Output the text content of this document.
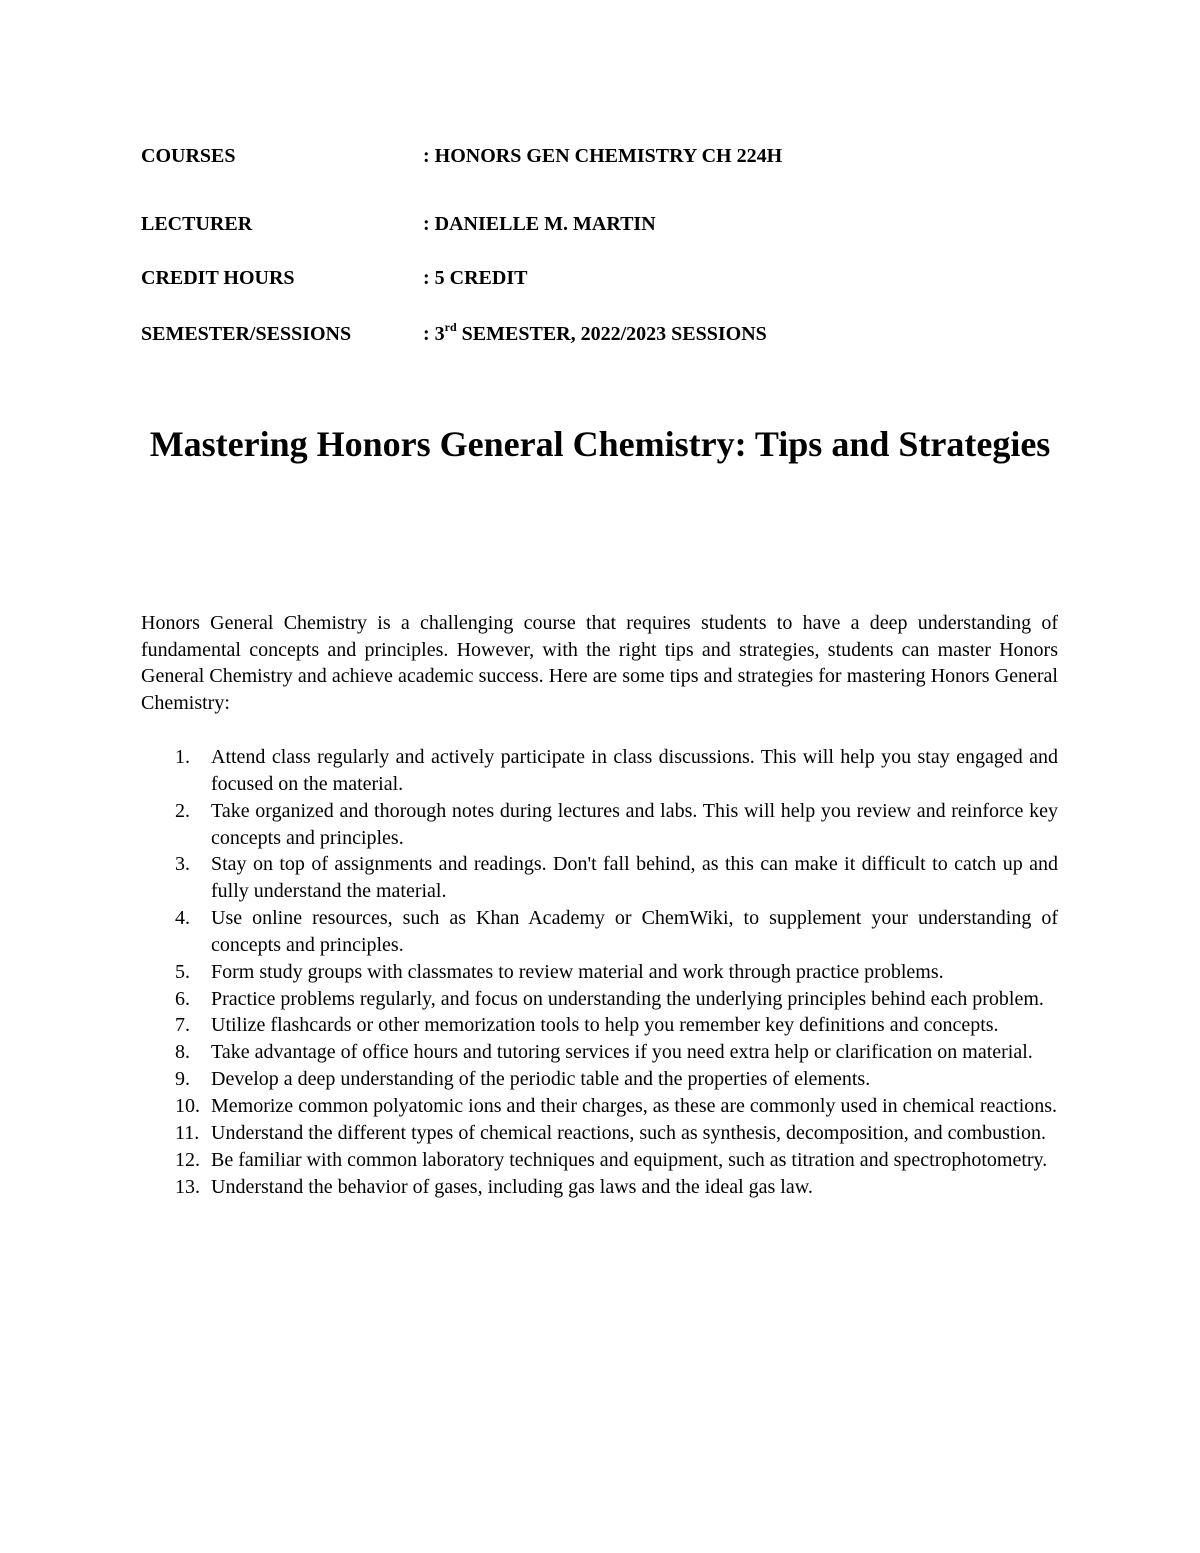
COURSES	: HONORS GEN CHEMISTRY CH 224H
LECTURER	: DANIELLE M. MARTIN
CREDIT HOURS	: 5 CREDIT
SEMESTER/SESSIONS	: 3rd SEMESTER, 2022/2023 SESSIONS
Mastering Honors General Chemistry: Tips and Strategies

Honors General Chemistry is a challenging course that requires students to have a deep understanding of fundamental concepts and principles. However, with the right tips and strategies, students can master Honors General Chemistry and achieve academic success. Here are some tips and strategies for mastering Honors General Chemistry:

1. Attend class regularly and actively participate in class discussions. This will help you stay engaged and focused on the material.
2. Take organized and thorough notes during lectures and labs. This will help you review and reinforce key concepts and principles.
3. Stay on top of assignments and readings. Don't fall behind, as this can make it difficult to catch up and fully understand the material.
4. Use online resources, such as Khan Academy or ChemWiki, to supplement your understanding of concepts and principles.
5. Form study groups with classmates to review material and work through practice problems.
6. Practice problems regularly, and focus on understanding the underlying principles behind each problem.
7. Utilize flashcards or other memorization tools to help you remember key definitions and concepts.
8. Take advantage of office hours and tutoring services if you need extra help or clarification on material.
9. Develop a deep understanding of the periodic table and the properties of elements.
10. Memorize common polyatomic ions and their charges, as these are commonly used in chemical reactions.
11. Understand the different types of chemical reactions, such as synthesis, decomposition, and combustion.
12. Be familiar with common laboratory techniques and equipment, such as titration and spectrophotometry.
13. Understand the behavior of gases, including gas laws and the ideal gas law.
